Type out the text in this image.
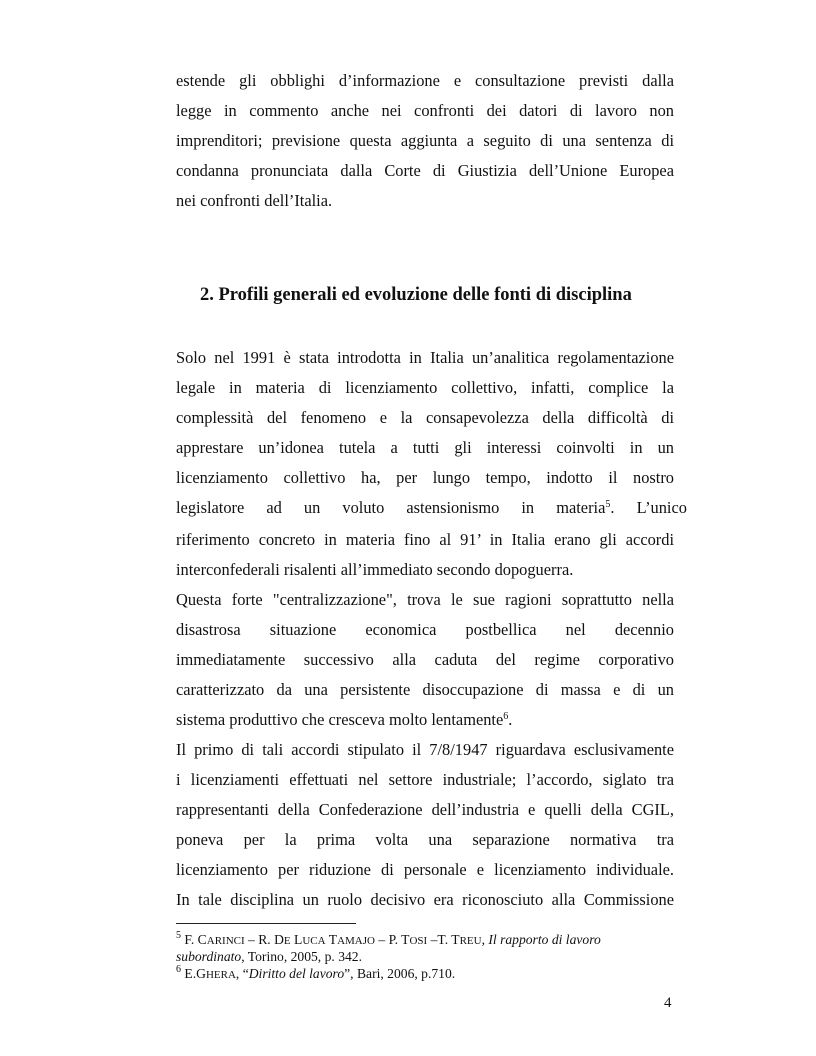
estende gli obblighi d’informazione e consultazione previsti dalla
legge in commento anche nei confronti dei datori di lavoro non
imprenditori; previsione questa aggiunta a seguito di una sentenza di
condanna pronunciata dalla Corte di Giustizia dell’Unione Europea
nei confronti dell’Italia.
2. Profili generali ed evoluzione delle fonti di disciplina
Solo nel 1991 è stata introdotta in Italia un’analitica regolamentazione
legale in materia di licenziamento collettivo, infatti, complice la
complessità del fenomeno e la consapevolezza della difficoltà di
apprestare un’idonea tutela a tutti gli interessi coinvolti in un
licenziamento collettivo ha, per lungo tempo, indotto il nostro
legislatore ad un voluto astensionismo in materia$^5$. L’unico
riferimento concreto in materia fino al 91’ in Italia erano gli accordi
interconfederali risalenti all’immediato secondo dopoguerra.
Questa forte "centralizzazione", trova le sue ragioni soprattutto nella
disastrosa situazione economica postbellica nel decennio
immediatamente successivo alla caduta del regime corporativo
caratterizzato da una persistente disoccupazione di massa e di un
sistema produttivo che cresceva molto lentamente$^6$.
Il primo di tali accordi stipulato il 7/8/1947 riguardava esclusivamente
i licenziamenti effettuati nel settore industriale; l’accordo, siglato tra
rappresentanti della Confederazione dell’industria e quelli della CGIL,
poneva per la prima volta una separazione normativa tra
licenziamento per riduzione di personale e licenziamento individuale.
In tale disciplina un ruolo decisivo era riconosciuto alla Commissione
$^5$ F. CARINCI – R. DE LUCA TAMAJO – P. TOSI –T. TREU, Il rapporto di lavoro
subordinato, Torino, 2005, p. 342.
$^6$ E.GHERA, “Diritto del lavoro”, Bari, 2006, p.710.
4
